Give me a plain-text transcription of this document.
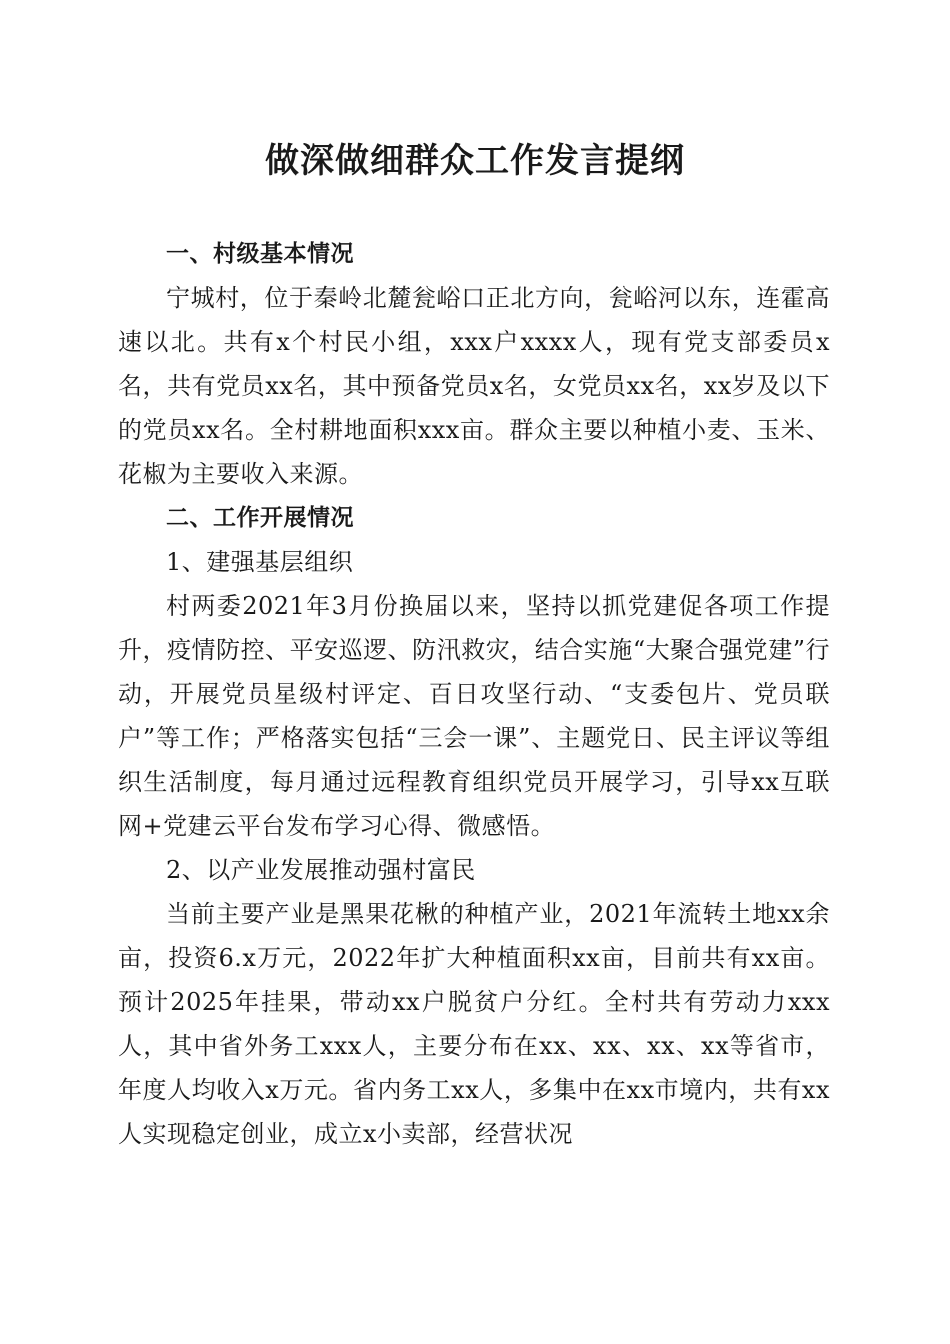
做深做细群众工作发言提纲

一、村级基本情况

宁城村，位于秦岭北麓瓮峪口正北方向，瓮峪河以东，连霍高速以北。共有x个村民小组，xxx户xxxx人，现有党支部委员x名，共有党员xx名，其中预备党员x名，女党员xx名，xx岁及以下的党员xx名。全村耕地面积xxx亩。群众主要以种植小麦、玉米、花椒为主要收入来源。

二、工作开展情况

1、建强基层组织

村两委2021年3月份换届以来，坚持以抓党建促各项工作提升，疫情防控、平安巡逻、防汛救灾，结合实施“大聚合强党建”行动，开展党员星级村评定、百日攻坚行动、“支委包片、党员联户”等工作；严格落实包括“三会一课”、主题党日、民主评议等组织生活制度，每月通过远程教育组织党员开展学习，引导xx互联网+党建云平台发布学习心得、微感悟。

2、以产业发展推动强村富民

当前主要产业是黑果花楸的种植产业，2021年流转土地xx余亩，投资6.x万元，2022年扩大种植面积xx亩，目前共有xx亩。预计2025年挂果，带动xx户脱贫户分红。全村共有劳动力xxx人，其中省外务工xxx人，主要分布在xx、xx、xx、xx等省市，年度人均收入x万元。省内务工xx人，多集中在xx市境内，共有xx人实现稳定创业，成立x小卖部，经营状况
